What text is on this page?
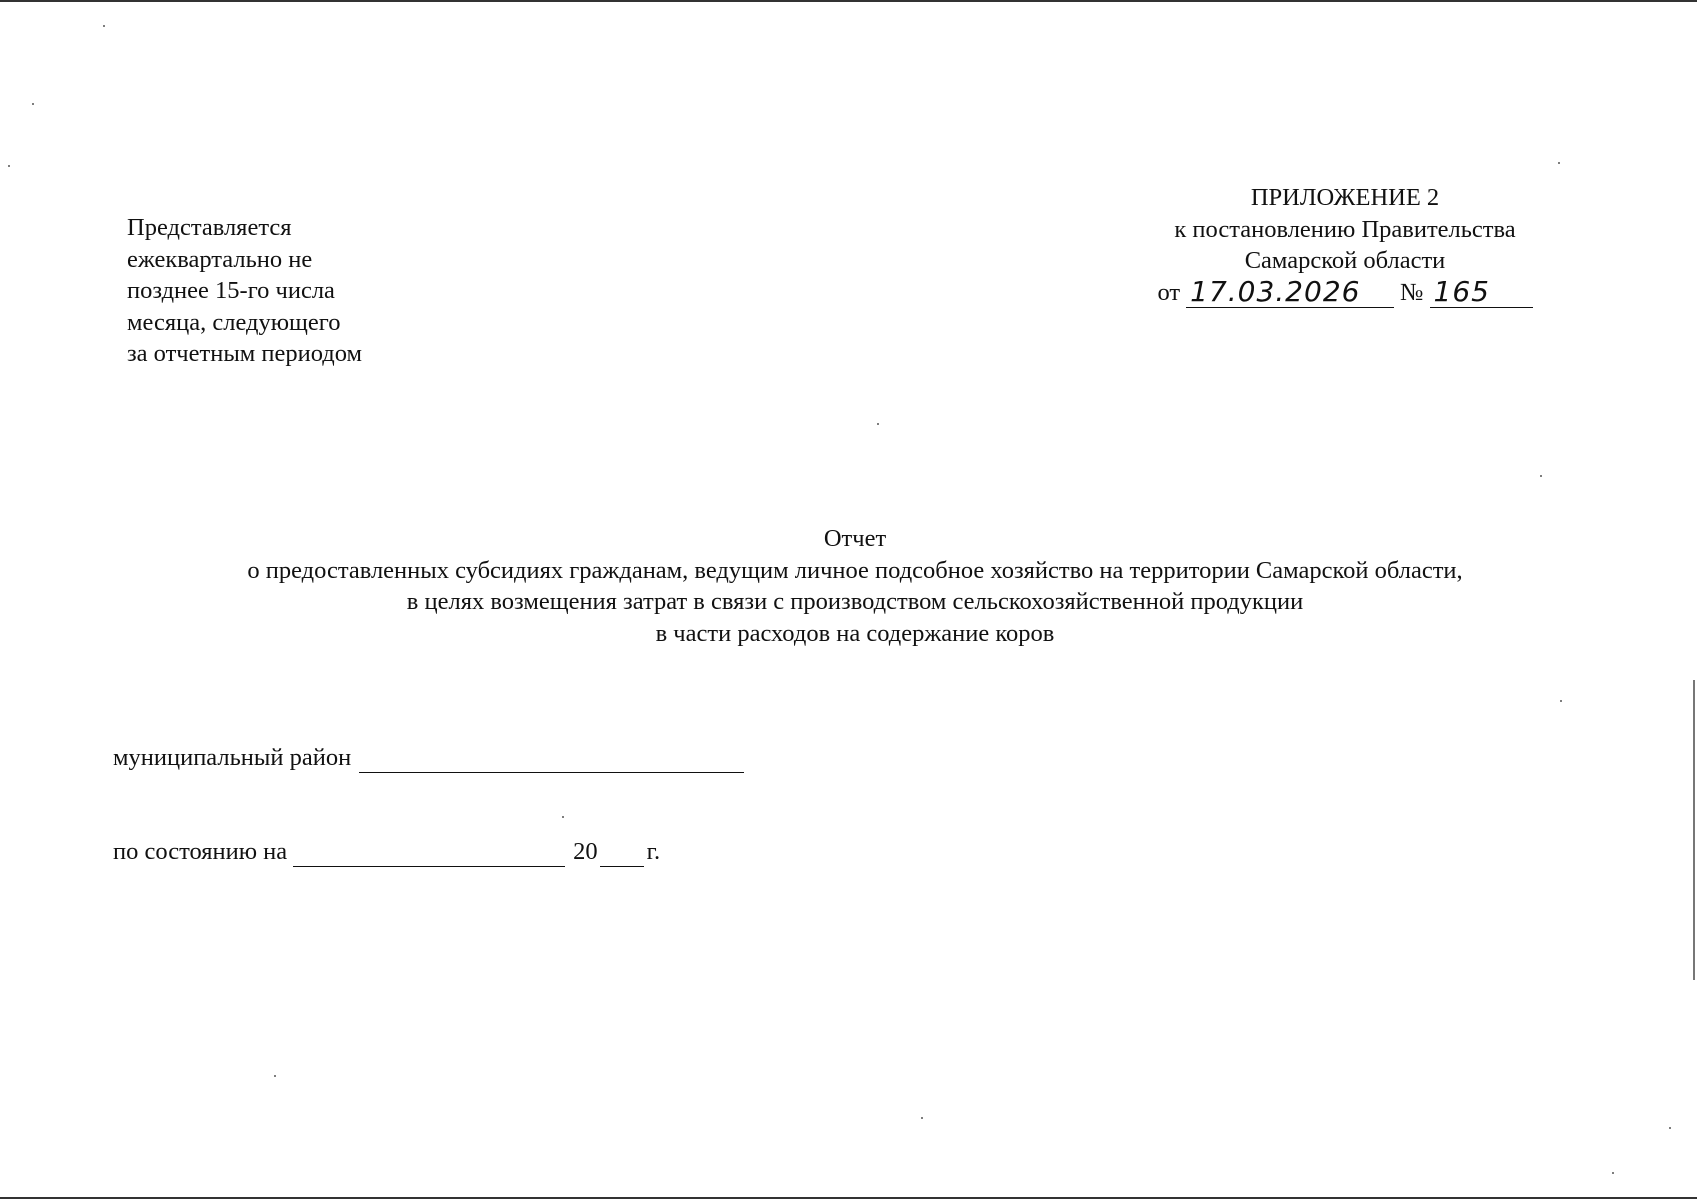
Представляется
ежеквартально не
позднее 15-го числа
месяца, следующего
за отчетным периодом
ПРИЛОЖЕНИЕ 2
к постановлению Правительства
Самарской области
от 17.03.2026	№ 165
Отчет
о предоставленных субсидиях гражданам, ведущим личное подсобное хозяйство на территории Самарской области,
в целях возмещения затрат в связи с производством сельскохозяйственной продукции
в части расходов на содержание коров
муниципальный район
по состоянию на	20 г.
